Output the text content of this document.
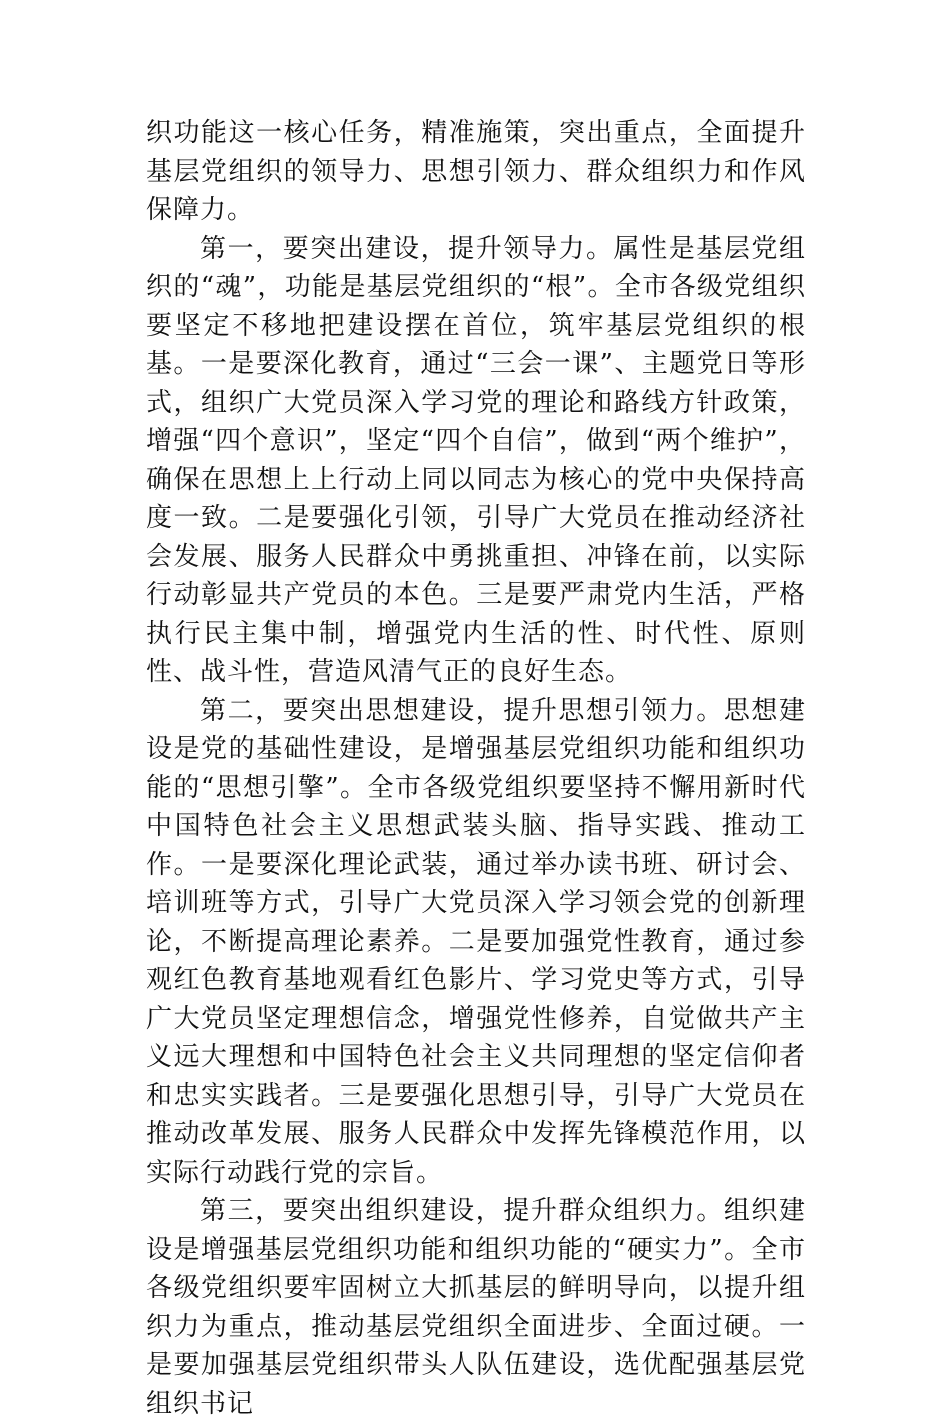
织功能这一核心任务，精准施策，突出重点，全面提升基层党组织的领导力、思想引领力、群众组织力和作风保障力。

第一，要突出建设，提升领导力。属性是基层党组织的“魂”，功能是基层党组织的“根”。全市各级党组织要坚定不移地把建设摆在首位，筑牢基层党组织的根基。一是要深化教育，通过“三会一课”、主题党日等形式，组织广大党员深入学习党的理论和路线方针政策，增强“四个意识”，坚定“四个自信”，做到“两个维护”，确保在思想上上行动上同以同志为核心的党中央保持高度一致。二是要强化引领，引导广大党员在推动经济社会发展、服务人民群众中勇挑重担、冲锋在前，以实际行动彰显共产党员的本色。三是要严肃党内生活，严格执行民主集中制，增强党内生活的性、时代性、原则性、战斗性，营造风清气正的良好生态。

第二，要突出思想建设，提升思想引领力。思想建设是党的基础性建设，是增强基层党组织功能和组织功能的“思想引擎”。全市各级党组织要坚持不懈用新时代中国特色社会主义思想武装头脑、指导实践、推动工作。一是要深化理论武装，通过举办读书班、研讨会、培训班等方式，引导广大党员深入学习领会党的创新理论，不断提高理论素养。二是要加强党性教育，通过参观红色教育基地观看红色影片、学习党史等方式，引导广大党员坚定理想信念，增强党性修养，自觉做共产主义远大理想和中国特色社会主义共同理想的坚定信仰者和忠实实践者。三是要强化思想引导，引导广大党员在推动改革发展、服务人民群众中发挥先锋模范作用，以实际行动践行党的宗旨。

第三，要突出组织建设，提升群众组织力。组织建设是增强基层党组织功能和组织功能的“硬实力”。全市各级党组织要牢固树立大抓基层的鲜明导向，以提升组织力为重点，推动基层党组织全面进步、全面过硬。一是要加强基层党组织带头人队伍建设，选优配强基层党组织书记
